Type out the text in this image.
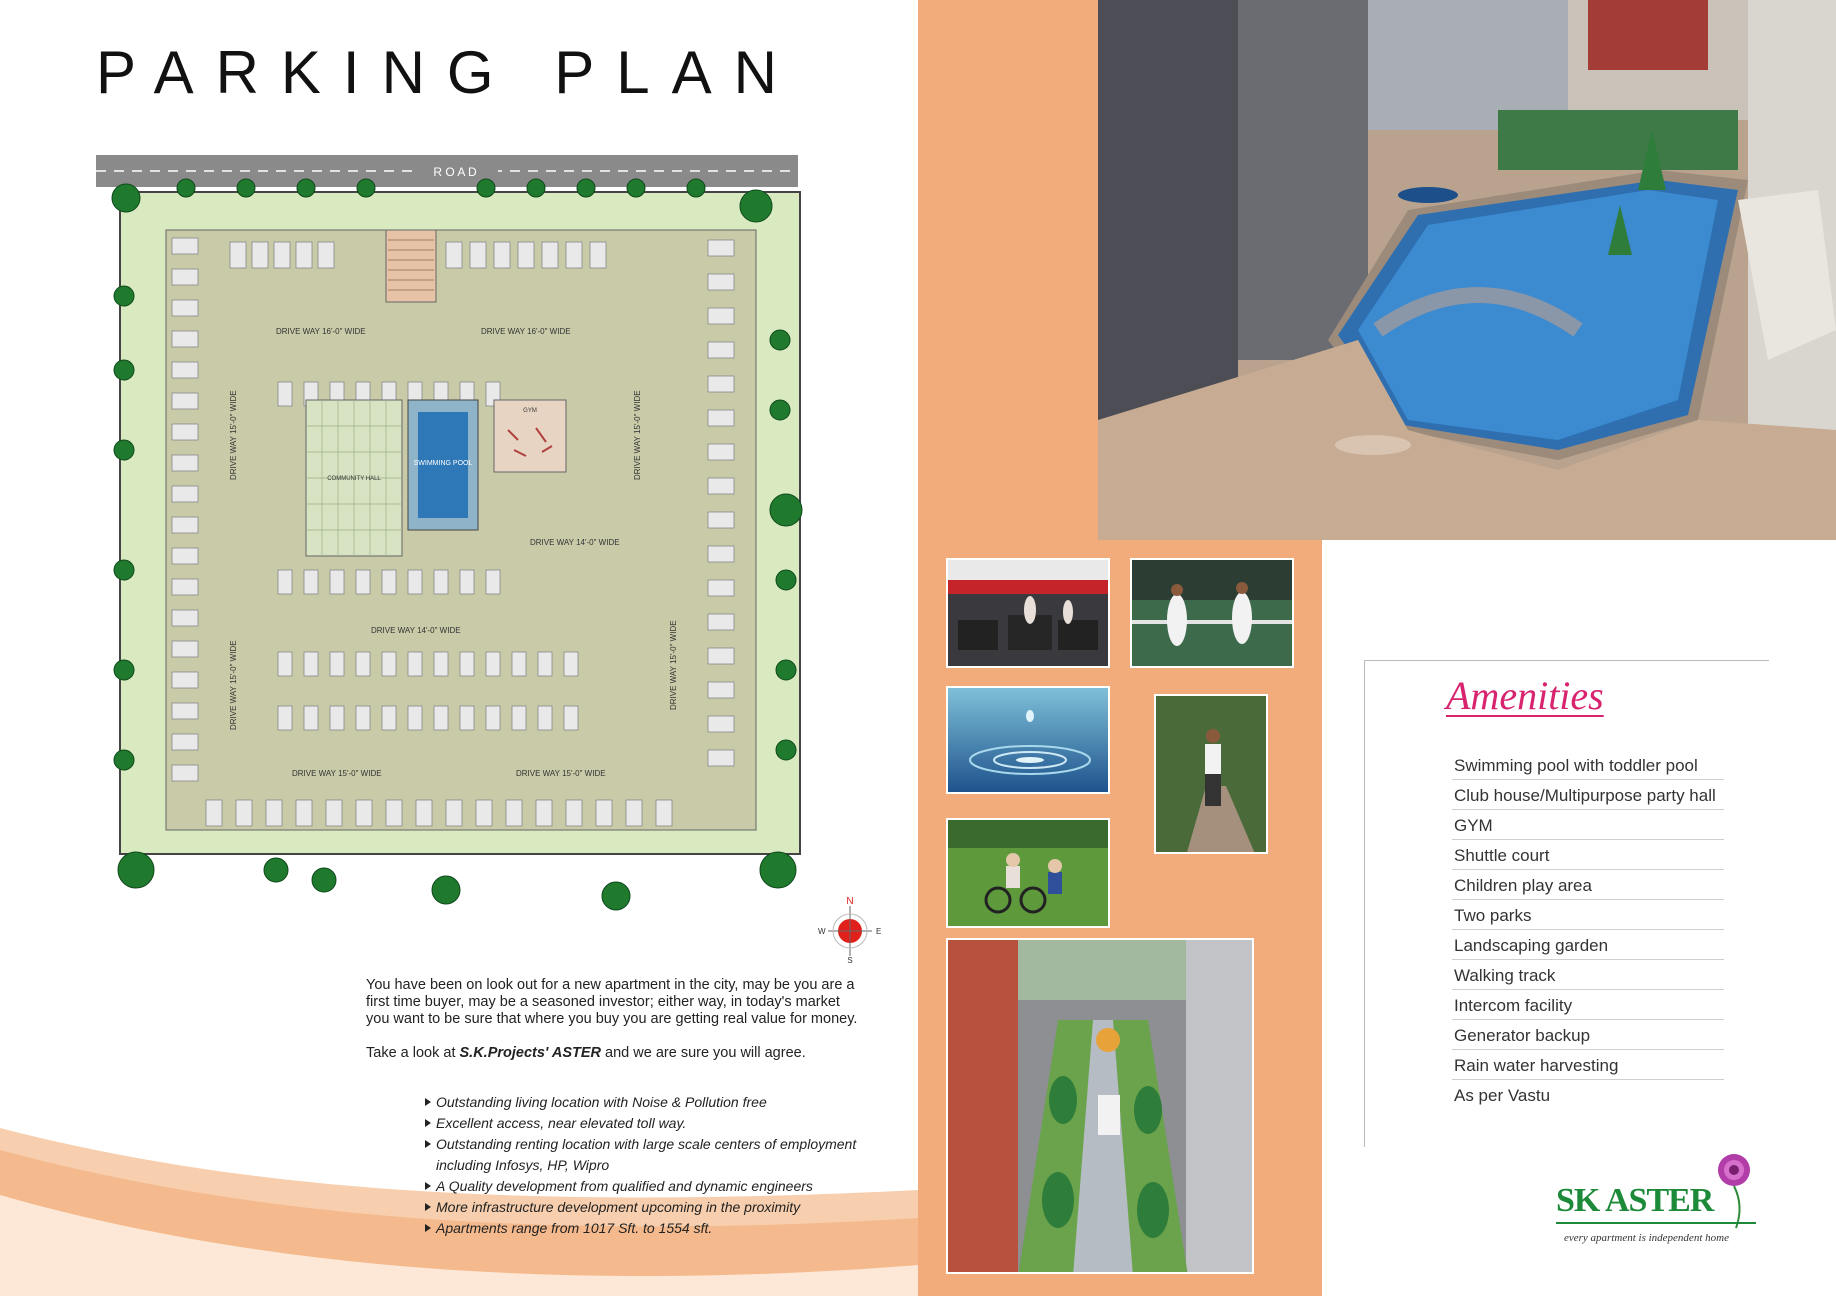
PARKING PLAN
R O A D
COMMUNITY HALL
SWIMMING POOL
GYM
DRIVE WAY 16'-0" WIDE	DRIVE WAY 16'-0" WIDE
DRIVE WAY 14'-0" WIDE
DRIVE WAY 14'-0" WIDE
DRIVE WAY 15'-0" WIDE	DRIVE WAY 15'-0" WIDE
DRIVE WAY 15'-0" WIDE	DRIVE WAY 15'-0" WIDE
DRIVE WAY 15'-0" WIDE	DRIVE WAY 15'-0" WIDE
N
S
E
W

You have been on look out for a new apartment in the city, may be you are a first time buyer, may be a seasoned investor; either way, in today's market you want to be sure that where you buy you are getting real value for money.

Take a look at S.K.Projects' ASTER and we are sure you will agree.

Outstanding living location with Noise & Pollution free
Excellent access, near elevated toll way.
Outstanding renting location with large scale centers of employment including Infosys, HP, Wipro
A Quality development from qualified and dynamic engineers
More infrastructure development upcoming in the proximity
Apartments range from 1017 Sft. to 1554 sft.
Amenities
Swimming pool with toddler pool
Club house/Multipurpose party hall
GYM
Shuttle court
Children play area
Two parks
Landscaping garden
Walking track
Intercom facility
Generator backup
Rain water harvesting
As per Vastu
SK ASTER
every apartment is independent home
